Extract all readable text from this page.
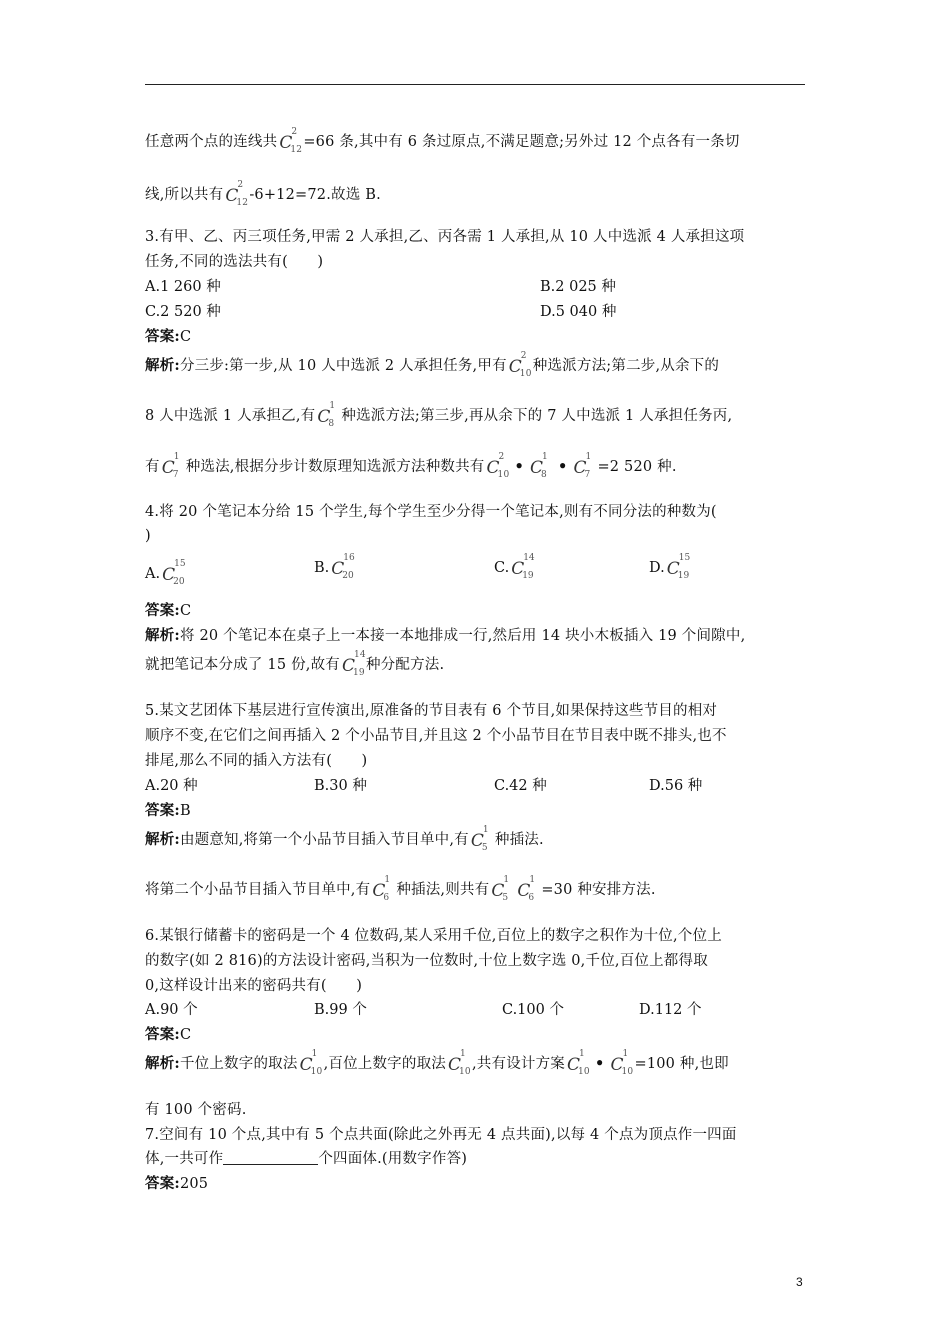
任意两个点的连线共 C
2
12 =66 条,其中有 6 条过原点,不满足题意;另外过 12 个点各有一条切
线,所以共有 C
2
12 -6+12=72.故选 B.
3.有甲、乙、丙三项任务,甲需 2 人承担,乙、丙各需 1 人承担,从 10 人中选派 4 人承担这项
任务,不同的选法共有(　　)
A.1 260 种	B.2 025 种
C.2 520 种	D.5 040 种
答案:C
解析:分三步:第一步,从 10 人中选派 2 人承担任务,甲有 C
2
10 种选派方法;第二步,从余下的
8 人中选派 1 人承担乙,有 C
1
8 种选派方法;第三步,再从余下的 7 人中选派 1 人承担任务丙,
有 C
1
7 种选法,根据分步计数原理知选派方法种数共有 C
2
10 • C
1
8 • C
1
7 =2 520 种.
4.将 20 个笔记本分给 15 个学生,每个学生至少分得一个笔记本,则有不同分法的种数为(
)
A. C
15
20
B. C
16
20	C. C
14
19	D. C
15
19
答案:C
解析:将 20 个笔记本在桌子上一本接一本地排成一行,然后用 14 块小木板插入 19 个间隙中,
就把笔记本分成了 15 份,故有 C
14
19 种分配方法.
5.某文艺团体下基层进行宣传演出,原准备的节目表有 6 个节目,如果保持这些节目的相对
顺序不变,在它们之间再插入 2 个小品节目,并且这 2 个小品节目在节目表中既不排头,也不
排尾,那么不同的插入方法有(　　)
A.20 种	B.30 种	C.42 种	D.56 种
答案:B
解析:由题意知,将第一个小品节目插入节目单中,有 C
1
5 种插法.
将第二个小品节目插入节目单中,有 C
1
6 种插法,则共有 C
1
5 C
1
6 =30 种安排方法.
6.某银行储蓄卡的密码是一个 4 位数码,某人采用千位,百位上的数字之积作为十位,个位上
的数字(如 2 816)的方法设计密码,当积为一位数时,十位上数字选 0,千位,百位上都得取
0,这样设计出来的密码共有(　　)
A.90 个	B.99 个	C.100 个	D.112 个
答案:C
解析:千位上数字的取法 C
1
10 ,百位上数字的取法 C
1
10 ,共有设计方案 C
1
10 • C
1
10 =100 种,也即
有 100 个密码.
7.空间有 10 个点,其中有 5 个点共面(除此之外再无 4 点共面),以每 4 个点为顶点作一四面
体,一共可作	个四面体.(用数字作答)
答案:205
3
